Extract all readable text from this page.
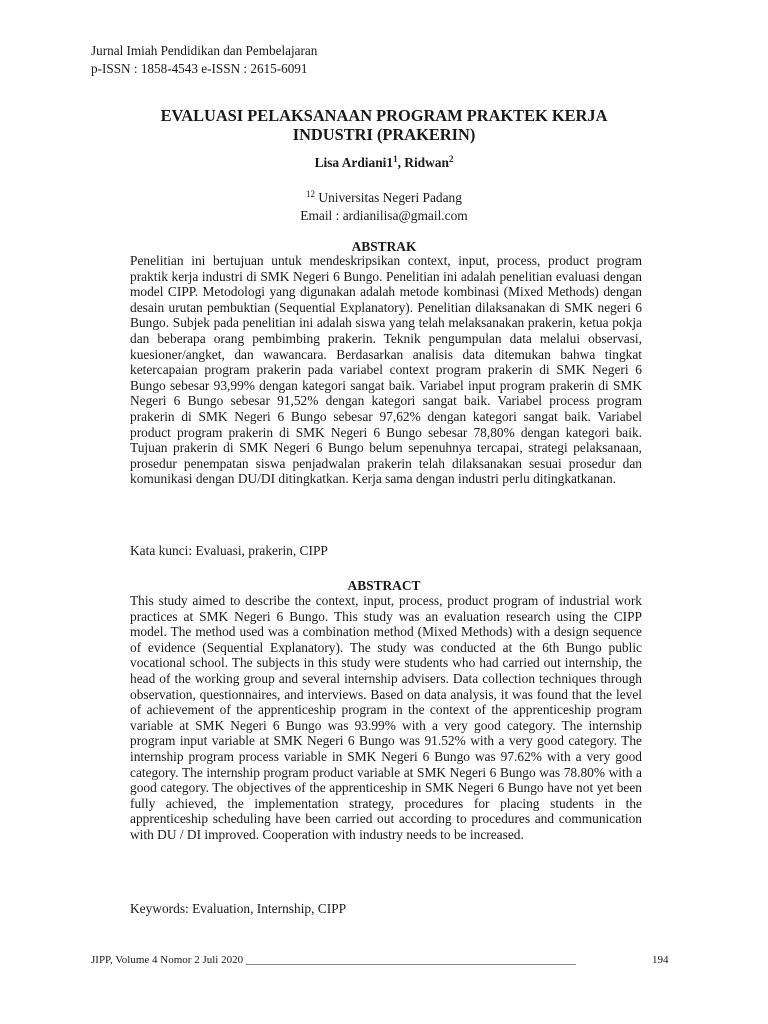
Jurnal Imiah Pendidikan dan Pembelajaran
p-ISSN : 1858-4543 e-ISSN : 2615-6091
EVALUASI PELAKSANAAN PROGRAM PRAKTEK KERJA
INDUSTRI (PRAKERIN)
Lisa $Ardiani1^1$, Ridwan$^2$
$^{12}$ Universitas Negeri Padang
Email : ardianilisa@gmail.com
ABSTRAK
Penelitian ini bertujuan untuk mendeskripsikan context, input, process, product program praktik kerja industri di SMK Negeri 6 Bungo. Penelitian ini adalah penelitian evaluasi dengan model CIPP. Metodologi yang digunakan adalah metode kombinasi (Mixed Methods) dengan desain urutan pembuktian (Sequential Explanatory). Penelitian dilaksanakan di SMK negeri 6 Bungo. Subjek pada penelitian ini adalah siswa yang telah melaksanakan prakerin, ketua pokja dan beberapa orang pembimbing prakerin. Teknik pengumpulan data melalui observasi, kuesioner/angket, dan wawancara. Berdasarkan analisis data ditemukan bahwa tingkat ketercapaian program prakerin pada variabel context program prakerin di SMK Negeri 6 Bungo sebesar 93,99% dengan kategori sangat baik. Variabel input program prakerin di SMK Negeri 6 Bungo sebesar 91,52% dengan kategori sangat baik. Variabel process program prakerin di SMK Negeri 6 Bungo sebesar 97,62% dengan kategori sangat baik. Variabel product program prakerin di SMK Negeri 6 Bungo sebesar 78,80% dengan kategori baik. Tujuan prakerin di SMK Negeri 6 Bungo belum sepenuhnya tercapai, strategi pelaksanaan, prosedur penempatan siswa penjadwalan prakerin telah dilaksanakan sesuai prosedur dan komunikasi dengan DU/DI ditingkatkan. Kerja sama dengan industri perlu ditingkatkanan.
Kata kunci: Evaluasi, prakerin, CIPP
ABSTRACT
This study aimed to describe the context, input, process, product program of industrial work practices at SMK Negeri 6 Bungo. This study was an evaluation research using the CIPP model. The method used was a combination method (Mixed Methods) with a design sequence of evidence (Sequential Explanatory). The study was conducted at the 6th Bungo public vocational school. The subjects in this study were students who had carried out internship, the head of the working group and several internship advisers. Data collection techniques through observation, questionnaires, and interviews. Based on data analysis, it was found that the level of achievement of the apprenticeship program in the context of the apprenticeship program variable at SMK Negeri 6 Bungo was 93.99% with a very good category. The internship program input variable at SMK Negeri 6 Bungo was 91.52% with a very good category. The internship program process variable in SMK Negeri 6 Bungo was 97.62% with a very good category. The internship program product variable at SMK Negeri 6 Bungo was 78.80% with a good category. The objectives of the apprenticeship in SMK Negeri 6 Bungo have not yet been fully achieved, the implementation strategy, procedures for placing students in the apprenticeship scheduling have been carried out according to procedures and communication with DU / DI improved. Cooperation with industry needs to be increased.
Keywords: Evaluation, Internship, CIPP
JIPP, Volume 4 Nomor 2 Juli 2020 ____________________________________________________________	194
